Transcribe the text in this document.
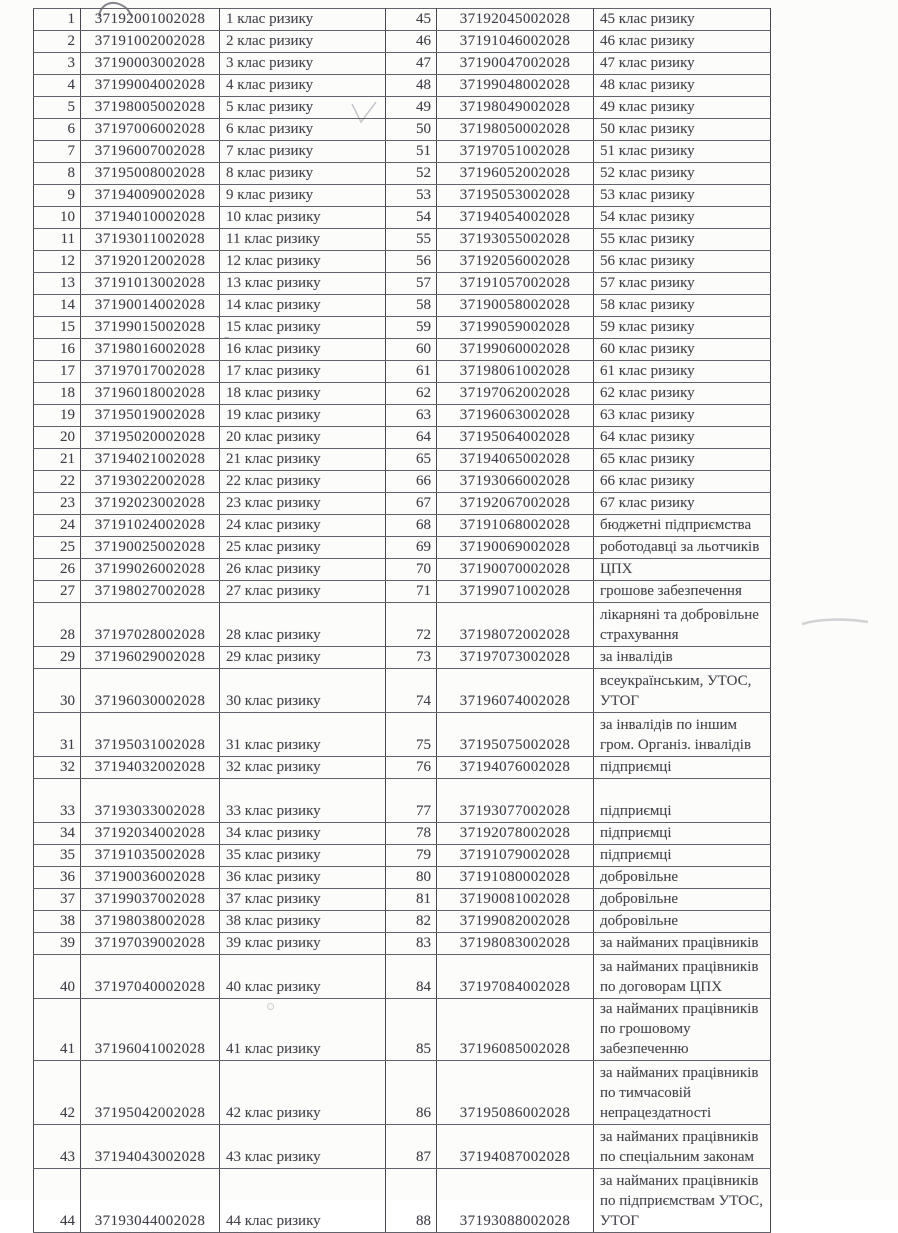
1	37192001002028	1 клас ризику	45	37192045002028	45 клас ризику
2	37191002002028	2 клас ризику	46	37191046002028	46 клас ризику
3	37190003002028	3 клас ризику	47	37190047002028	47 клас ризику
4	37199004002028	4 клас ризику	48	37199048002028	48 клас ризику
5	37198005002028	5 клас ризику	49	37198049002028	49 клас ризику
6	37197006002028	6 клас ризику	50	37198050002028	50 клас ризику
7	37196007002028	7 клас ризику	51	37197051002028	51 клас ризику
8	37195008002028	8 клас ризику	52	37196052002028	52 клас ризику
9	37194009002028	9 клас ризику	53	37195053002028	53 клас ризику
10	37194010002028	10 клас ризику	54	37194054002028	54 клас ризику
11	37193011002028	11 клас ризику	55	37193055002028	55 клас ризику
12	37192012002028	12 клас ризику	56	37192056002028	56 клас ризику
13	37191013002028	13 клас ризику	57	37191057002028	57 клас ризику
14	37190014002028	14 клас ризику	58	37190058002028	58 клас ризику
15	37199015002028	15 клас ризику	59	37199059002028	59 клас ризику
16	37198016002028	16 клас ризику	60	37199060002028	60 клас ризику
17	37197017002028	17 клас ризику	61	37198061002028	61 клас ризику
18	37196018002028	18 клас ризику	62	37197062002028	62 клас ризику
19	37195019002028	19 клас ризику	63	37196063002028	63 клас ризику
20	37195020002028	20 клас ризику	64	37195064002028	64 клас ризику
21	37194021002028	21 клас ризику	65	37194065002028	65 клас ризику
22	37193022002028	22 клас ризику	66	37193066002028	66 клас ризику
23	37192023002028	23 клас ризику	67	37192067002028	67 клас ризику
24	37191024002028	24 клас ризику	68	37191068002028	бюджетні підприємства
25	37190025002028	25 клас ризику	69	37190069002028	роботодавці за льотчиків
26	37199026002028	26 клас ризику	70	37190070002028	ЦПХ
27	37198027002028	27 клас ризику	71	37199071002028	грошове забезпечення
28	37197028002028	28 клас ризику	72	37198072002028	лікарняні та добровільне страхування
29	37196029002028	29 клас ризику	73	37197073002028	за інвалідів
30	37196030002028	30 клас ризику	74	37196074002028	всеукраїнським, УТОС, УТОГ
31	37195031002028	31 клас ризику	75	37195075002028	за інвалідів по іншим гром. Організ. інвалідів
32	37194032002028	32 клас ризику	76	37194076002028	підприємці
33	37193033002028	33 клас ризику	77	37193077002028	підприємці
34	37192034002028	34 клас ризику	78	37192078002028	підприємці
35	37191035002028	35 клас ризику	79	37191079002028	підприємці
36	37190036002028	36 клас ризику	80	37191080002028	добровільне
37	37199037002028	37 клас ризику	81	37190081002028	добровільне
38	37198038002028	38 клас ризику	82	37199082002028	добровільне
39	37197039002028	39 клас ризику	83	37198083002028	за найманих працівників
40	37197040002028	40 клас ризику	84	37197084002028	за найманих працівників по договорам ЦПХ
41	37196041002028	41 клас ризику	85	37196085002028	за найманих працівників по грошовому забезпеченню
42	37195042002028	42 клас ризику	86	37195086002028	за найманих працівників по тимчасовій непрацездатності
43	37194043002028	43 клас ризику	87	37194087002028	за найманих працівників по спеціальним законам
44	37193044002028	44 клас ризику	88	37193088002028	за найманих працівників по підприємствам УТОС, УТОГ
